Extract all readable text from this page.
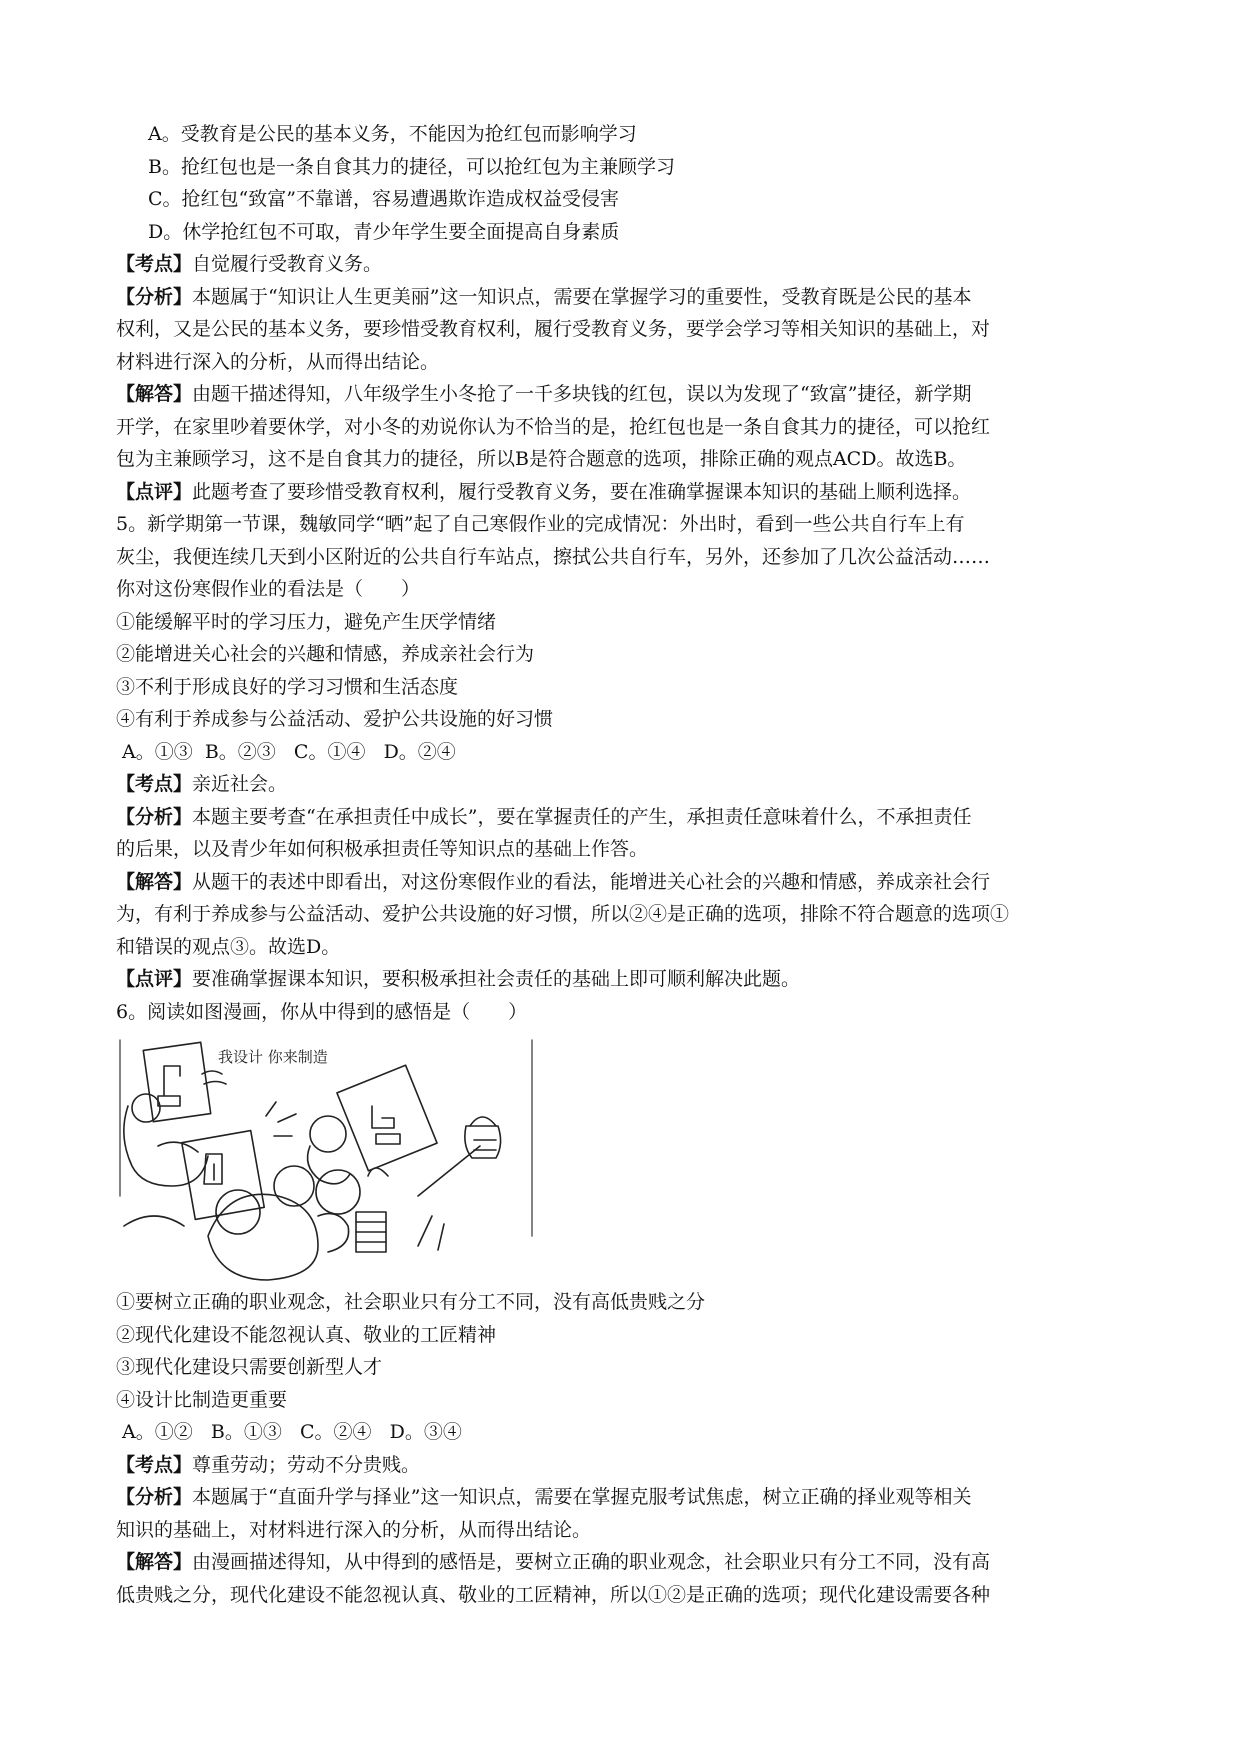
A。受教育是公民的基本义务，不能因为抢红包而影响学习
B。抢红包也是一条自食其力的捷径，可以抢红包为主兼顾学习
C。抢红包“致富”不靠谱，容易遭遇欺诈造成权益受侵害
D。休学抢红包不可取，青少年学生要全面提高自身素质
【考点】自觉履行受教育义务。
【分析】本题属于“知识让人生更美丽”这一知识点，需要在掌握学习的重要性，受教育既是公民的基本
权利，又是公民的基本义务，要珍惜受教育权利，履行受教育义务，要学会学习等相关知识的基础上，对
材料进行深入的分析，从而得出结论。
【解答】由题干描述得知，八年级学生小冬抢了一千多块钱的红包，误以为发现了“致富”捷径，新学期
开学，在家里吵着要休学，对小冬的劝说你认为不恰当的是，抢红包也是一条自食其力的捷径，可以抢红
包为主兼顾学习，这不是自食其力的捷径，所以B是符合题意的选项，排除正确的观点ACD。故选B。
【点评】此题考查了要珍惜受教育权利，履行受教育义务，要在准确掌握课本知识的基础上顺利选择。
5。新学期第一节课，魏敏同学“晒”起了自己寒假作业的完成情况：外出时，看到一些公共自行车上有
灰尘，我便连续几天到小区附近的公共自行车站点，擦拭公共自行车，另外，还参加了几次公益活动……
你对这份寒假作业的看法是（　　）
①能缓解平时的学习压力，避免产生厌学情绪
②能增进关心社会的兴趣和情感，养成亲社会行为
③不利于形成良好的学习习惯和生活态度
④有利于养成参与公益活动、爱护公共设施的好习惯
A。①③  B。②③   C。①④   D。②④
【考点】亲近社会。
【分析】本题主要考查“在承担责任中成长”，要在掌握责任的产生，承担责任意味着什么，不承担责任
的后果，以及青少年如何积极承担责任等知识点的基础上作答。
【解答】从题干的表述中即看出，对这份寒假作业的看法，能增进关心社会的兴趣和情感，养成亲社会行
为，有利于养成参与公益活动、爱护公共设施的好习惯，所以②④是正确的选项，排除不符合题意的选项①
和错误的观点③。故选D。
【点评】要准确掌握课本知识，要积极承担社会责任的基础上即可顺利解决此题。
6。阅读如图漫画，你从中得到的感悟是（　　）
我设计 你来制造
①要树立正确的职业观念，社会职业只有分工不同，没有高低贵贱之分
②现代化建设不能忽视认真、敬业的工匠精神
③现代化建设只需要创新型人才
④设计比制造更重要
A。①②   B。①③   C。②④   D。③④
【考点】尊重劳动；劳动不分贵贱。
【分析】本题属于“直面升学与择业”这一知识点，需要在掌握克服考试焦虑，树立正确的择业观等相关
知识的基础上，对材料进行深入的分析，从而得出结论。
【解答】由漫画描述得知，从中得到的感悟是，要树立正确的职业观念，社会职业只有分工不同，没有高
低贵贱之分，现代化建设不能忽视认真、敬业的工匠精神，所以①②是正确的选项；现代化建设需要各种
